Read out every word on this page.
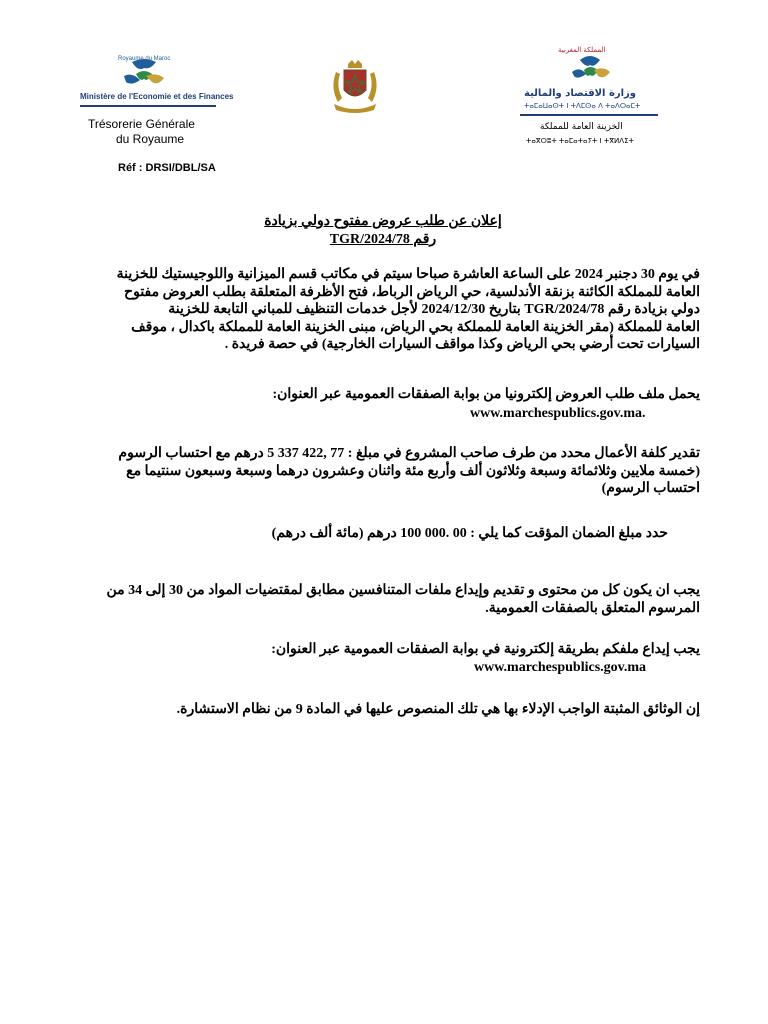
Royaume du Maroc
Ministère de l'Economie et des Finances
Trésorerie Générale
du Royaume
المملكة المغربية
وزارة الاقتصاد والمالية
ⵜⴰⵎⴰⵡⴰⵙⵜ ⵏ ⵜⴷⵎⵙⴰ ⴷ ⵜⴰⴷⵔⴰⵎⵜ
الخزينة العامة للمملكة
ⵜⴰⴳⵔⵓⵜ ⵜⴰⵎⴰⵜⴰⵢⵜ ⵏ ⵜⴳⵍⴷⵉⵜ
Réf : DRSI/DBL/SA
إعلان عن طلب عروض مفتوح دولي بزيادة
رقم TGR/2024/78
في يوم 30 دجنبر 2024 على الساعة العاشرة صباحا سيتم في مكاتب قسم الميزانية واللوجيستيك للخزينة
العامة للمملكة الكائنة بزنقة الأندلسية، حي الرياض الرباط، فتح الأظرفة المتعلقة بطلب العروض مفتوح
دولي بزيادة رقم TGR/2024/78 بتاريخ 2024/12/30 لأجل خدمات التنظيف للمباني التابعة للخزينة
العامة للمملكة (مقر الخزينة العامة للمملكة بحي الرياض، مبنى الخزينة العامة للمملكة باكدال ، موقف
السيارات تحت أرضي بحي الرياض وكذا مواقف السيارات الخارجية) في حصة فريدة .
يحمل ملف طلب العروض إلكترونيا من بوابة الصفقات العمومية عبر العنوان:
www.marchespublics.gov.ma.
تقدير كلفة الأعمال محدد من طرف صاحب المشروع في مبلغ : 5 337 422, 77 درهم مع احتساب الرسوم
(خمسة ملايين وثلاثمائة وسبعة وثلاثون ألف وأربع مئة واثنان وعشرون درهما وسبعة وسبعون سنتيما مع
احتساب الرسوم)
حدد مبلغ الضمان المؤقت كما يلي : 100 000. 00 درهم (مائة ألف درهم)
يجب ان يكون كل من محتوى و تقديم وإيداع ملفات المتنافسين مطابق لمقتضيات المواد من 30 إلى 34 من
المرسوم المتعلق بالصفقات العمومية.
يجب إيداع ملفكم بطريقة إلكترونية في بوابة الصفقات العمومية عبر العنوان:
www.marchespublics.gov.ma
إن الوثائق المثبتة الواجب الإدلاء بها هي تلك المنصوص عليها في المادة 9 من نظام الاستشارة.
